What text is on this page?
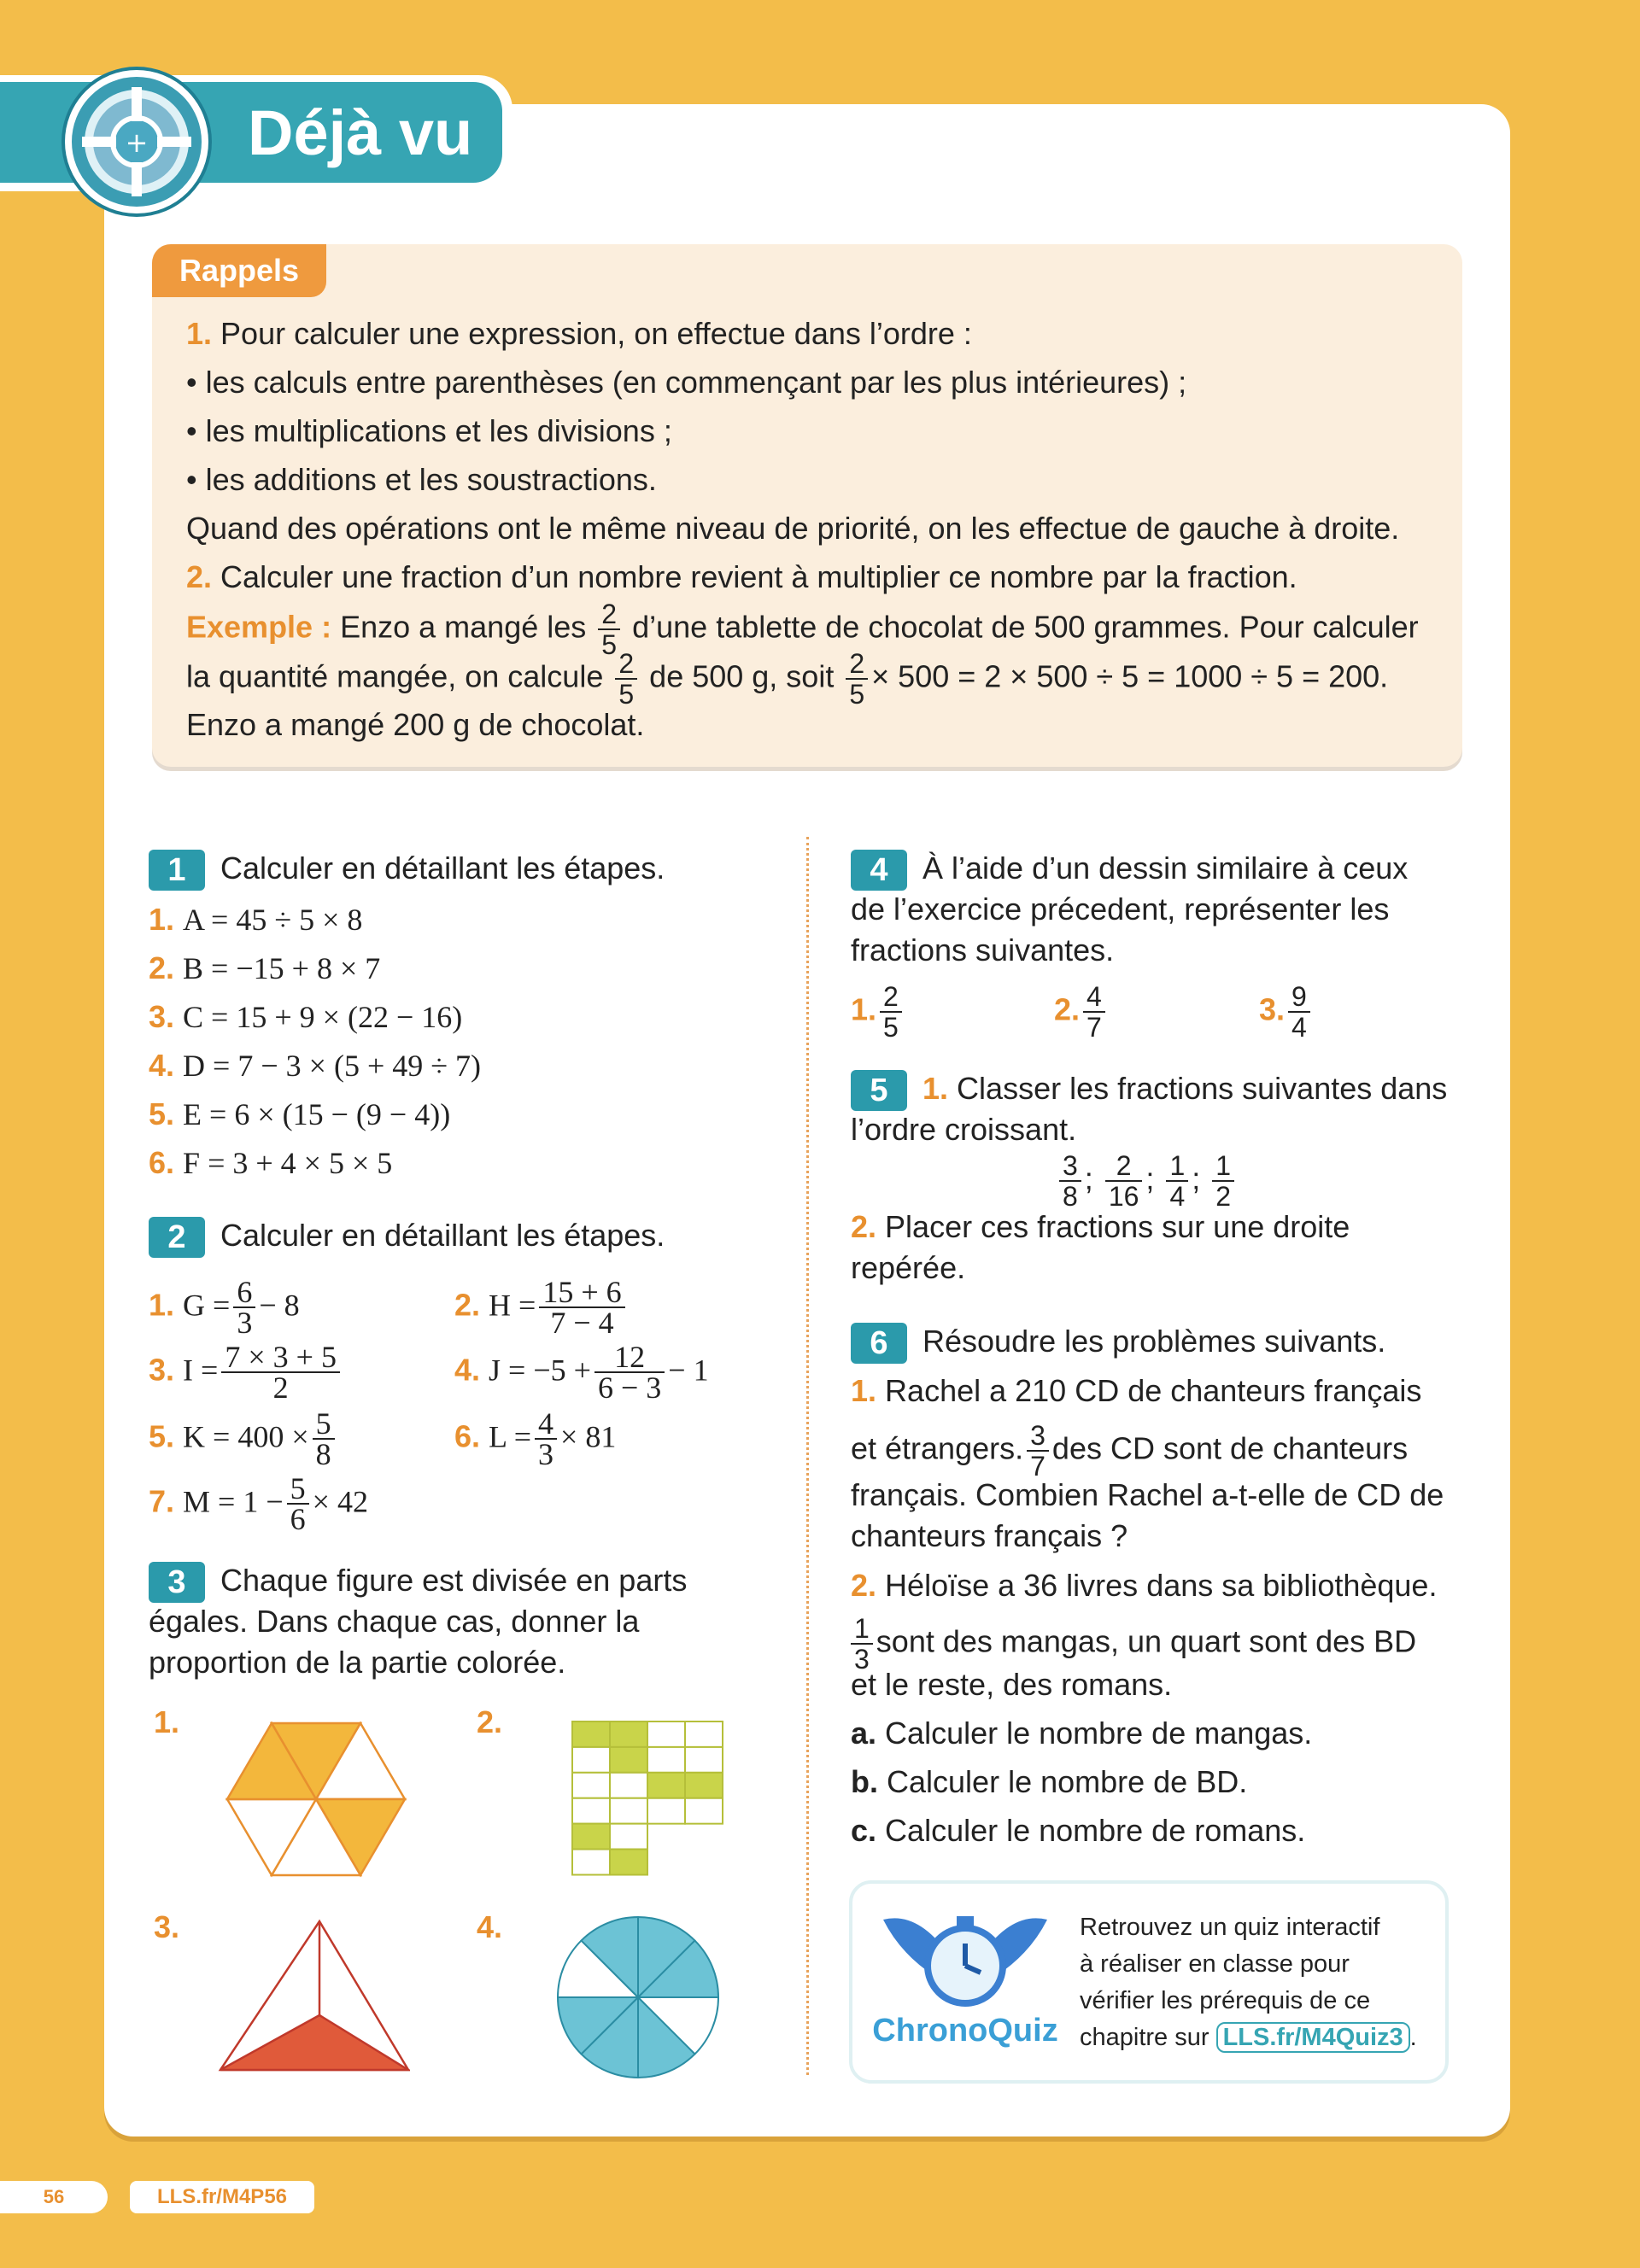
Déjà vu
+
Rappels
1. Pour calculer une expression, on effectue dans l’ordre :
• les calculs entre parenthèses (en commençant par les plus intérieures) ;
• les multiplications et les divisions ;
• les additions et les soustractions.
Quand des opérations ont le même niveau de priorité, on les effectue de gauche à droite.
2. Calculer une fraction d’un nombre revient à multiplier ce nombre par la fraction.
Exemple : Enzo a mangé les $\frac{2}{5}$ d’une tablette de chocolat de 500 grammes. Pour calculer
la quantité mangée, on calcule $\frac{2}{5}$ de 500 g, soit $\frac{2}{5} \times 500 = 2 \times 500 \div 5 = 1000 \div 5 = 200$.
Enzo a mangé 200 g de chocolat.
1 Calculer en détaillant les étapes.
1. A = 45 ÷ 5 × 8
2. B = −15 + 8 × 7
3. C = 15 + 9 × (22 − 16)
4. D = 7 − 3 × (5 + 49 ÷ 7)
5. E = 6 × (15 − (9 − 4))
6. F = 3 + 4 × 5 × 5
2 Calculer en détaillant les étapes.
1. $G = \frac{6}{3} - 8$	2. $H = \frac{15 + 6}{7 - 4}$
3. $I = \frac{7 \times 3 + 5}{2}$	4. $J = -5 + \frac{12}{6 - 3} - 1$
5. $K = 400 \times \frac{5}{8}$	6. $L = \frac{4}{3} \times 81$
7. $M = 1 - \frac{5}{6} \times 42$
3 Chaque figure est divisée en parts
égales. Dans chaque cas, donner la
proportion de la partie colorée.
1.	2.
3.	4.
4 À l’aide d’un dessin similaire à ceux
de l’exercice précedent, représenter les
fractions suivantes.
1. $\frac{2}{5}$	2. $\frac{4}{7}$	3. $\frac{9}{4}$
5 1. Classer les fractions suivantes dans
l’ordre croissant.
$\frac{3}{8}$ ; $\frac{2}{16}$ ; $\frac{1}{4}$ ; $\frac{1}{2}$
2. Placer ces fractions sur une droite
repérée.
6 Résoudre les problèmes suivants.
1. Rachel a 210 CD de chanteurs français
et étrangers. $\frac{3}{7}$ des CD sont de chanteurs
français. Combien Rachel a-t-elle de CD de
chanteurs français ?
2. Héloïse a 36 livres dans sa bibliothèque.
$\frac{1}{3}$ sont des mangas, un quart sont des BD
et le reste, des romans.
a. Calculer le nombre de mangas.
b. Calculer le nombre de BD.
c. Calculer le nombre de romans.
ChronoQuiz
Retrouvez un quiz interactif
à réaliser en classe pour
vérifier les prérequis de ce
chapitre sur LLS.fr/M4Quiz3 .
56	LLS.fr/M4P56
